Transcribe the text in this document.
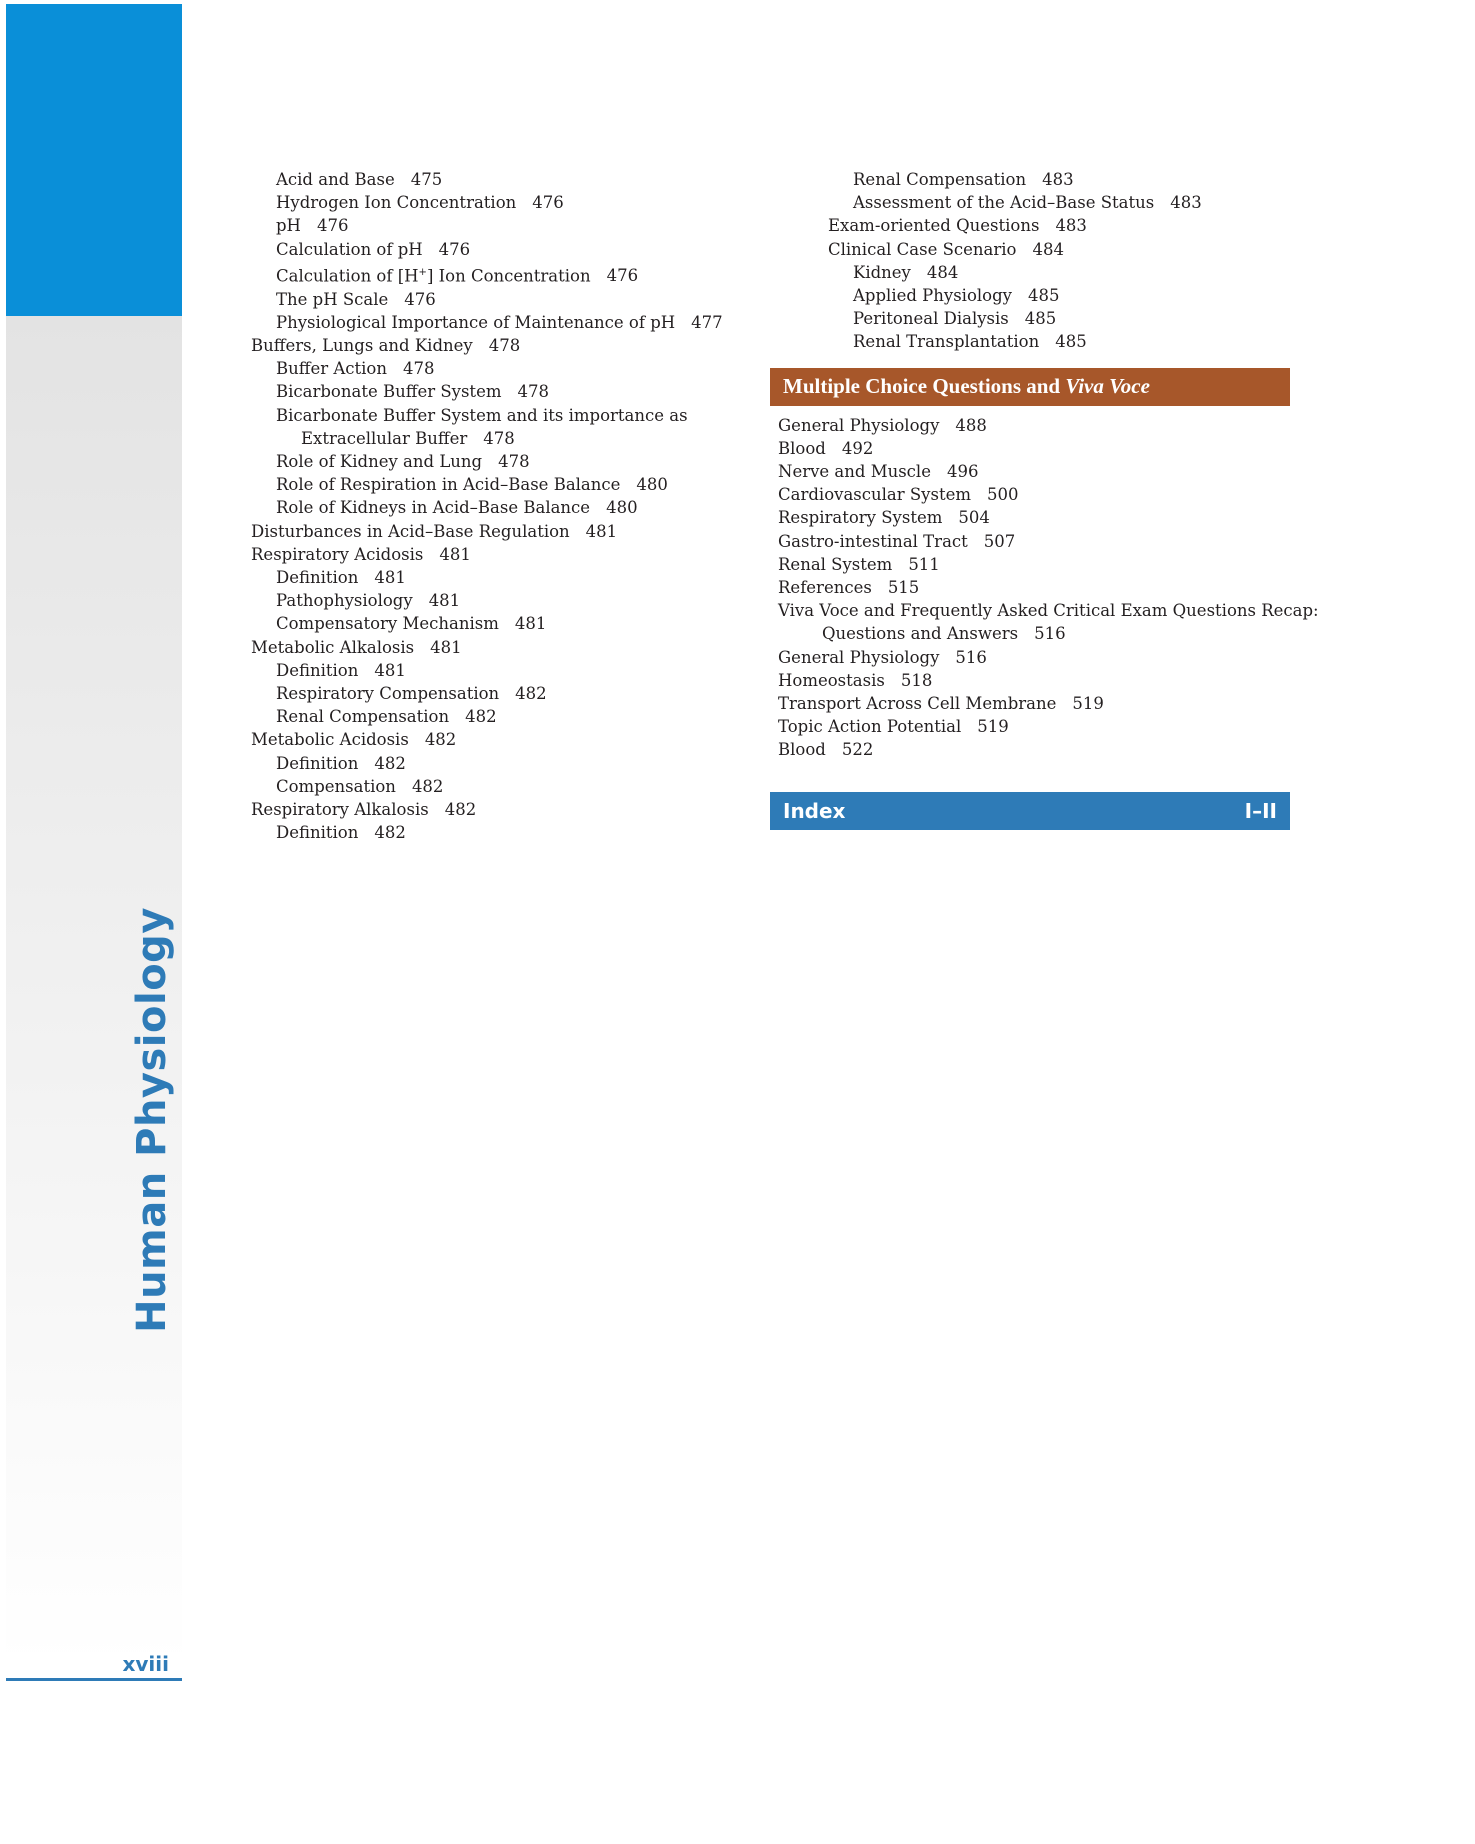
Human Physiology
xviii
Acid and Base 475
Hydrogen Ion Concentration 476
pH 476
Calculation of pH 476
Calculation of [H+] Ion Concentration 476
The pH Scale 476
Physiological Importance of Maintenance of pH 477
Buffers, Lungs and Kidney 478
Buffer Action 478
Bicarbonate Buffer System 478
Bicarbonate Buffer System and its importance as
Extracellular Buffer 478
Role of Kidney and Lung 478
Role of Respiration in Acid–Base Balance 480
Role of Kidneys in Acid–Base Balance 480
Disturbances in Acid–Base Regulation 481
Respiratory Acidosis 481
Definition 481
Pathophysiology 481
Compensatory Mechanism 481
Metabolic Alkalosis 481
Definition 481
Respiratory Compensation 482
Renal Compensation 482
Metabolic Acidosis 482
Definition 482
Compensation 482
Respiratory Alkalosis 482
Definition 482
Renal Compensation 483
Assessment of the Acid–Base Status 483
Exam-oriented Questions 483
Clinical Case Scenario 484
Kidney 484
Applied Physiology 485
Peritoneal Dialysis 485
Renal Transplantation 485
Multiple Choice Questions and Viva Voce
General Physiology 488
Blood 492
Nerve and Muscle 496
Cardiovascular System 500
Respiratory System 504
Gastro-intestinal Tract 507
Renal System 511
References 515
Viva Voce and Frequently Asked Critical Exam Questions Recap:
Questions and Answers 516
General Physiology 516
Homeostasis 518
Transport Across Cell Membrane 519
Topic Action Potential 519
Blood 522
Index	I–II
